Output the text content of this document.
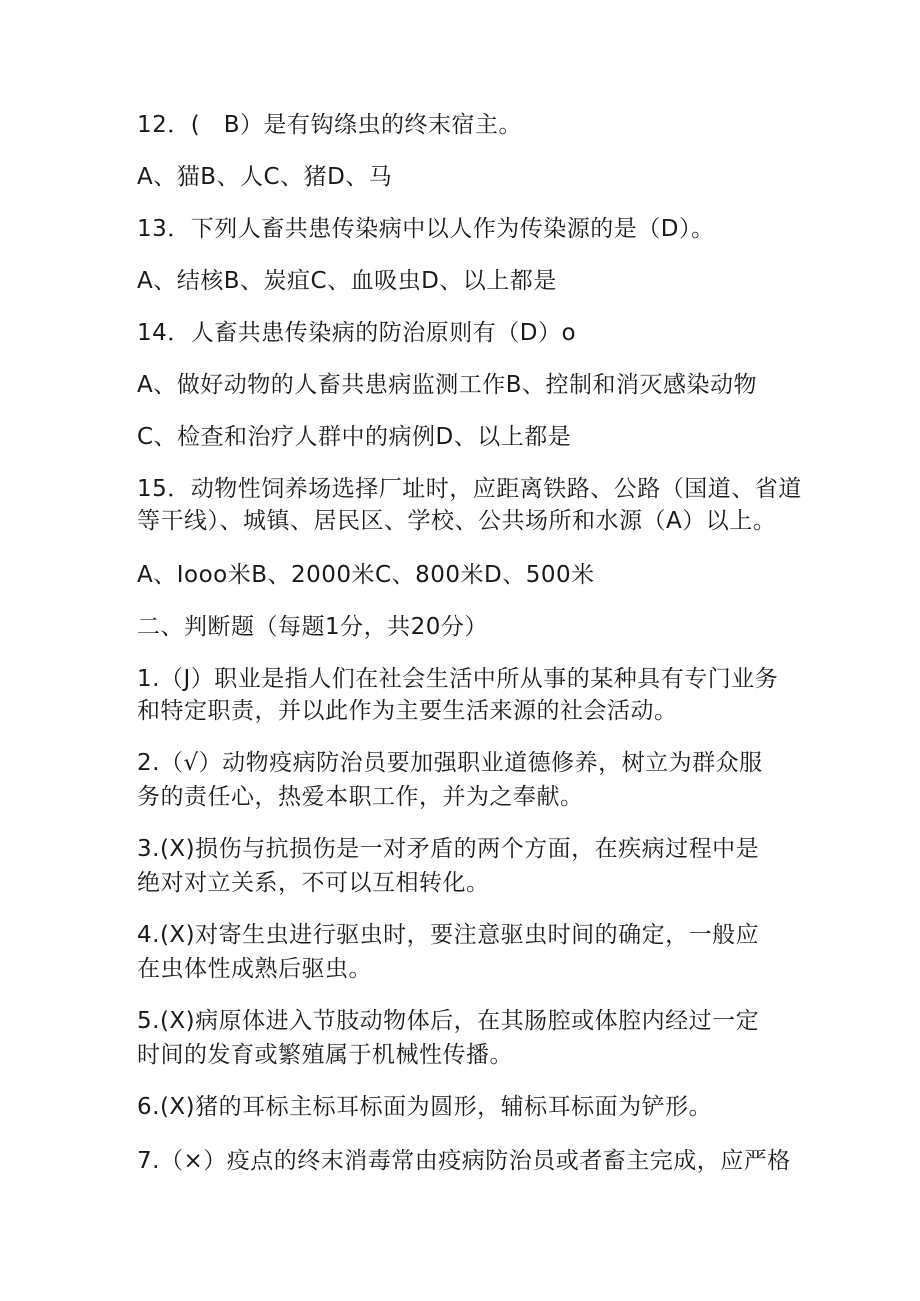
12．(　B）是有钩绦虫的终末宿主。
A、猫B、人C、猪D、马
13．下列人畜共患传染病中以人作为传染源的是（D）。
A、结核B、炭疽C、血吸虫D、以上都是
14．人畜共患传染病的防治原则有（D）o
A、做好动物的人畜共患病监测工作B、控制和消灭感染动物
C、检查和治疗人群中的病例D、以上都是
15．动物性饲养场选择厂址时，应距离铁路、公路（国道、省道
等干线）、城镇、居民区、学校、公共场所和水源（A）以上。
A、Iooo米B、2000米C、800米D、500米
二、判断题（每题1分，共20分）
1.（J）职业是指人们在社会生活中所从事的某种具有专门业务
和特定职责，并以此作为主要生活来源的社会活动。
2.（√）动物疫病防治员要加强职业道德修养，树立为群众服
务的责任心，热爱本职工作，并为之奉献。
3.(X)损伤与抗损伤是一对矛盾的两个方面，在疾病过程中是
绝对对立关系，不可以互相转化。
4.(X)对寄生虫进行驱虫时，要注意驱虫时间的确定，一般应
在虫体性成熟后驱虫。
5.(X)病原体进入节肢动物体后，在其肠腔或体腔内经过一定
时间的发育或繁殖属于机械性传播。
6.(X)猪的耳标主标耳标面为圆形，辅标耳标面为铲形。
7.（×）疫点的终末消毒常由疫病防治员或者畜主完成，应严格
